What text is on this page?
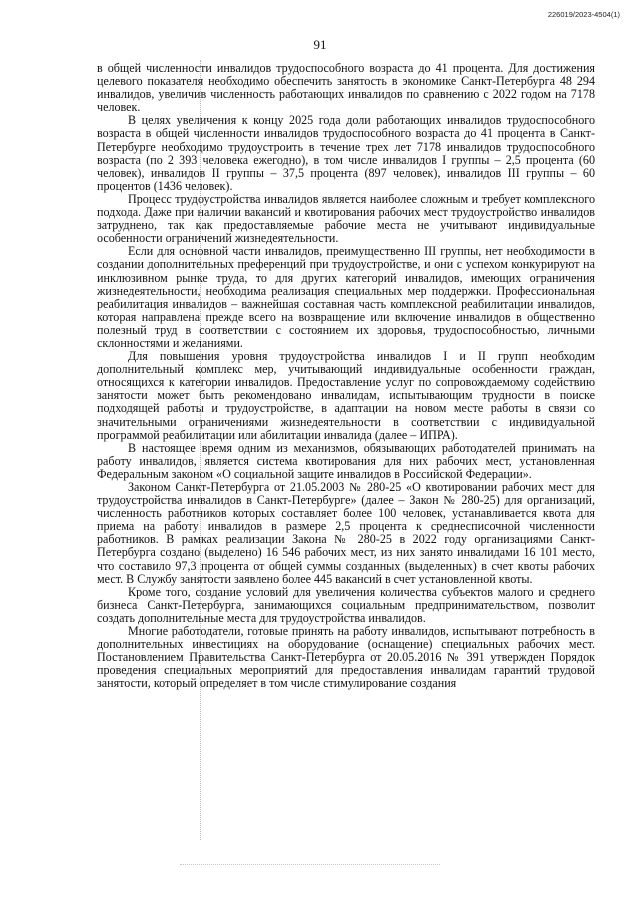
226019/2023-4504(1)
91

в общей численности инвалидов трудоспособного возраста до 41 процента. Для достижения целевого показателя необходимо обеспечить занятость в экономике Санкт-Петербурга 48 294 инвалидов, увеличив численность работающих инвалидов по сравнению с 2022 годом на 7178 человек.

В целях увеличения к концу 2025 года доли работающих инвалидов трудоспособного возраста в общей численности инвалидов трудоспособного возраста до 41 процента в Санкт-Петербурге необходимо трудоустроить в течение трех лет 7178 инвалидов трудоспособного возраста (по 2 393 человека ежегодно), в том числе инвалидов I группы – 2,5 процента (60 человек), инвалидов II группы – 37,5 процента (897 человек), инвалидов III группы – 60 процентов (1436 человек).

Процесс трудоустройства инвалидов является наиболее сложным и требует комплексного подхода. Даже при наличии вакансий и квотирования рабочих мест трудоустройство инвалидов затруднено, так как предоставляемые рабочие места не учитывают индивидуальные особенности ограничений жизнедеятельности.

Если для основной части инвалидов, преимущественно III группы, нет необходимости в создании дополнительных преференций при трудоустройстве, и они с успехом конкурируют на инклюзивном рынке труда, то для других категорий инвалидов, имеющих ограничения жизнедеятельности, необходима реализация специальных мер поддержки. Профессиональная реабилитация инвалидов – важнейшая составная часть комплексной реабилитации инвалидов, которая направлена прежде всего на возвращение или включение инвалидов в общественно полезный труд в соответствии с состоянием их здоровья, трудоспособностью, личными склонностями и желаниями.

Для повышения уровня трудоустройства инвалидов I и II групп необходим дополнительный комплекс мер, учитывающий индивидуальные особенности граждан, относящихся к категории инвалидов. Предоставление услуг по сопровождаемому содействию занятости может быть рекомендовано инвалидам, испытывающим трудности в поиске подходящей работы и трудоустройстве, в адаптации на новом месте работы в связи со значительными ограничениями жизнедеятельности в соответствии с индивидуальной программой реабилитации или абилитации инвалида (далее – ИПРА).

В настоящее время одним из механизмов, обязывающих работодателей принимать на работу инвалидов, является система квотирования для них рабочих мест, установленная Федеральным законом «О социальной защите инвалидов в Российской Федерации».

Законом Санкт-Петербурга от 21.05.2003 № 280-25 «О квотировании рабочих мест для трудоустройства инвалидов в Санкт-Петербурге» (далее – Закон № 280-25) для организаций, численность работников которых составляет более 100 человек, устанавливается квота для приема на работу инвалидов в размере 2,5 процента к среднесписочной численности работников. В рамках реализации Закона № 280-25 в 2022 году организациями Санкт-Петербурга создано (выделено) 16 546 рабочих мест, из них занято инвалидами 16 101 место, что составило 97,3 процента от общей суммы созданных (выделенных) в счет квоты рабочих мест. В Службу занятости заявлено более 445 вакансий в счет установленной квоты.

Кроме того, создание условий для увеличения количества субъектов малого и среднего бизнеса Санкт-Петербурга, занимающихся социальным предпринимательством, позволит создать дополнительные места для трудоустройства инвалидов.

Многие работодатели, готовые принять на работу инвалидов, испытывают потребность в дополнительных инвестициях на оборудование (оснащение) специальных рабочих мест. Постановлением Правительства Санкт-Петербурга от 20.05.2016 № 391 утвержден Порядок проведения специальных мероприятий для предоставления инвалидам гарантий трудовой занятости, который определяет в том числе стимулирование создания
